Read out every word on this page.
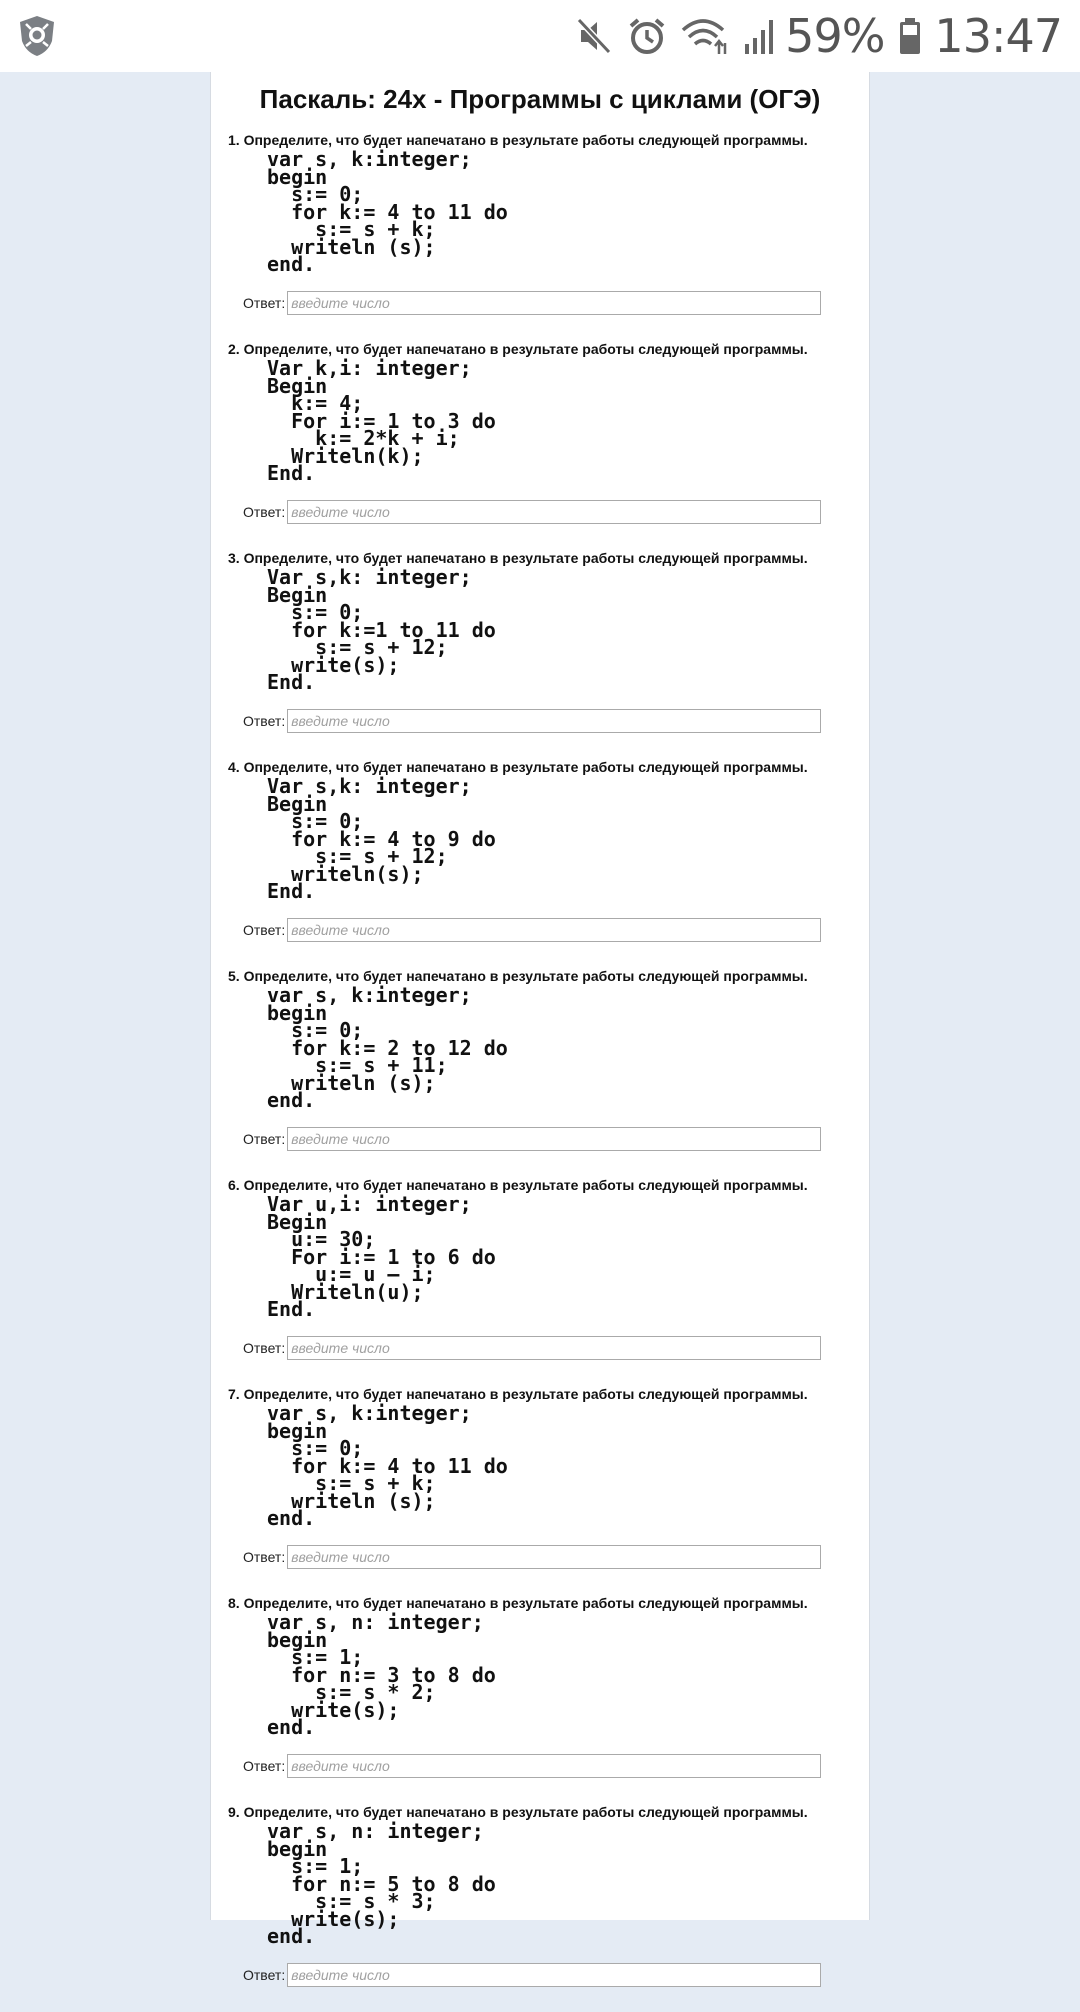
59% 13:47
Паскаль: 24x - Программы с циклами (ОГЭ)
1. Определите, что будет напечатано в результате работы следующей программы.
var s, k:integer;
begin
s:= 0;
for k:= 4 to 11 do
s:= s + k;
writeln (s);
end.
Ответ:
введите число
2. Определите, что будет напечатано в результате работы следующей программы.
Var k,i: integer;
Begin
k:= 4;
For i:= 1 to 3 do
k:= 2*k + i;
Writeln(k);
End.
Ответ:
введите число
3. Определите, что будет напечатано в результате работы следующей программы.
Var s,k: integer;
Begin
s:= 0;
for k:=1 to 11 do
s:= s + 12;
write(s);
End.
Ответ:
введите число
4. Определите, что будет напечатано в результате работы следующей программы.
Var s,k: integer;
Begin
s:= 0;
for k:= 4 to 9 do
s:= s + 12;
writeln(s);
End.
Ответ:
введите число
5. Определите, что будет напечатано в результате работы следующей программы.
var s, k:integer;
begin
s:= 0;
for k:= 2 to 12 do
s:= s + 11;
writeln (s);
end.
Ответ:
введите число
6. Определите, что будет напечатано в результате работы следующей программы.
Var u,i: integer;
Begin
u:= 30;
For i:= 1 to 6 do
u:= u – i;
Writeln(u);
End.
Ответ:
введите число
7. Определите, что будет напечатано в результате работы следующей программы.
var s, k:integer;
begin
s:= 0;
for k:= 4 to 11 do
s:= s + k;
writeln (s);
end.
Ответ:
введите число
8. Определите, что будет напечатано в результате работы следующей программы.
var s, n: integer;
begin
s:= 1;
for n:= 3 to 8 do
s:= s * 2;
write(s);
end.
Ответ:
введите число
9. Определите, что будет напечатано в результате работы следующей программы.
var s, n: integer;
begin
s:= 1;
for n:= 5 to 8 do
s:= s * 3;
write(s);
end.
Ответ:
введите число
